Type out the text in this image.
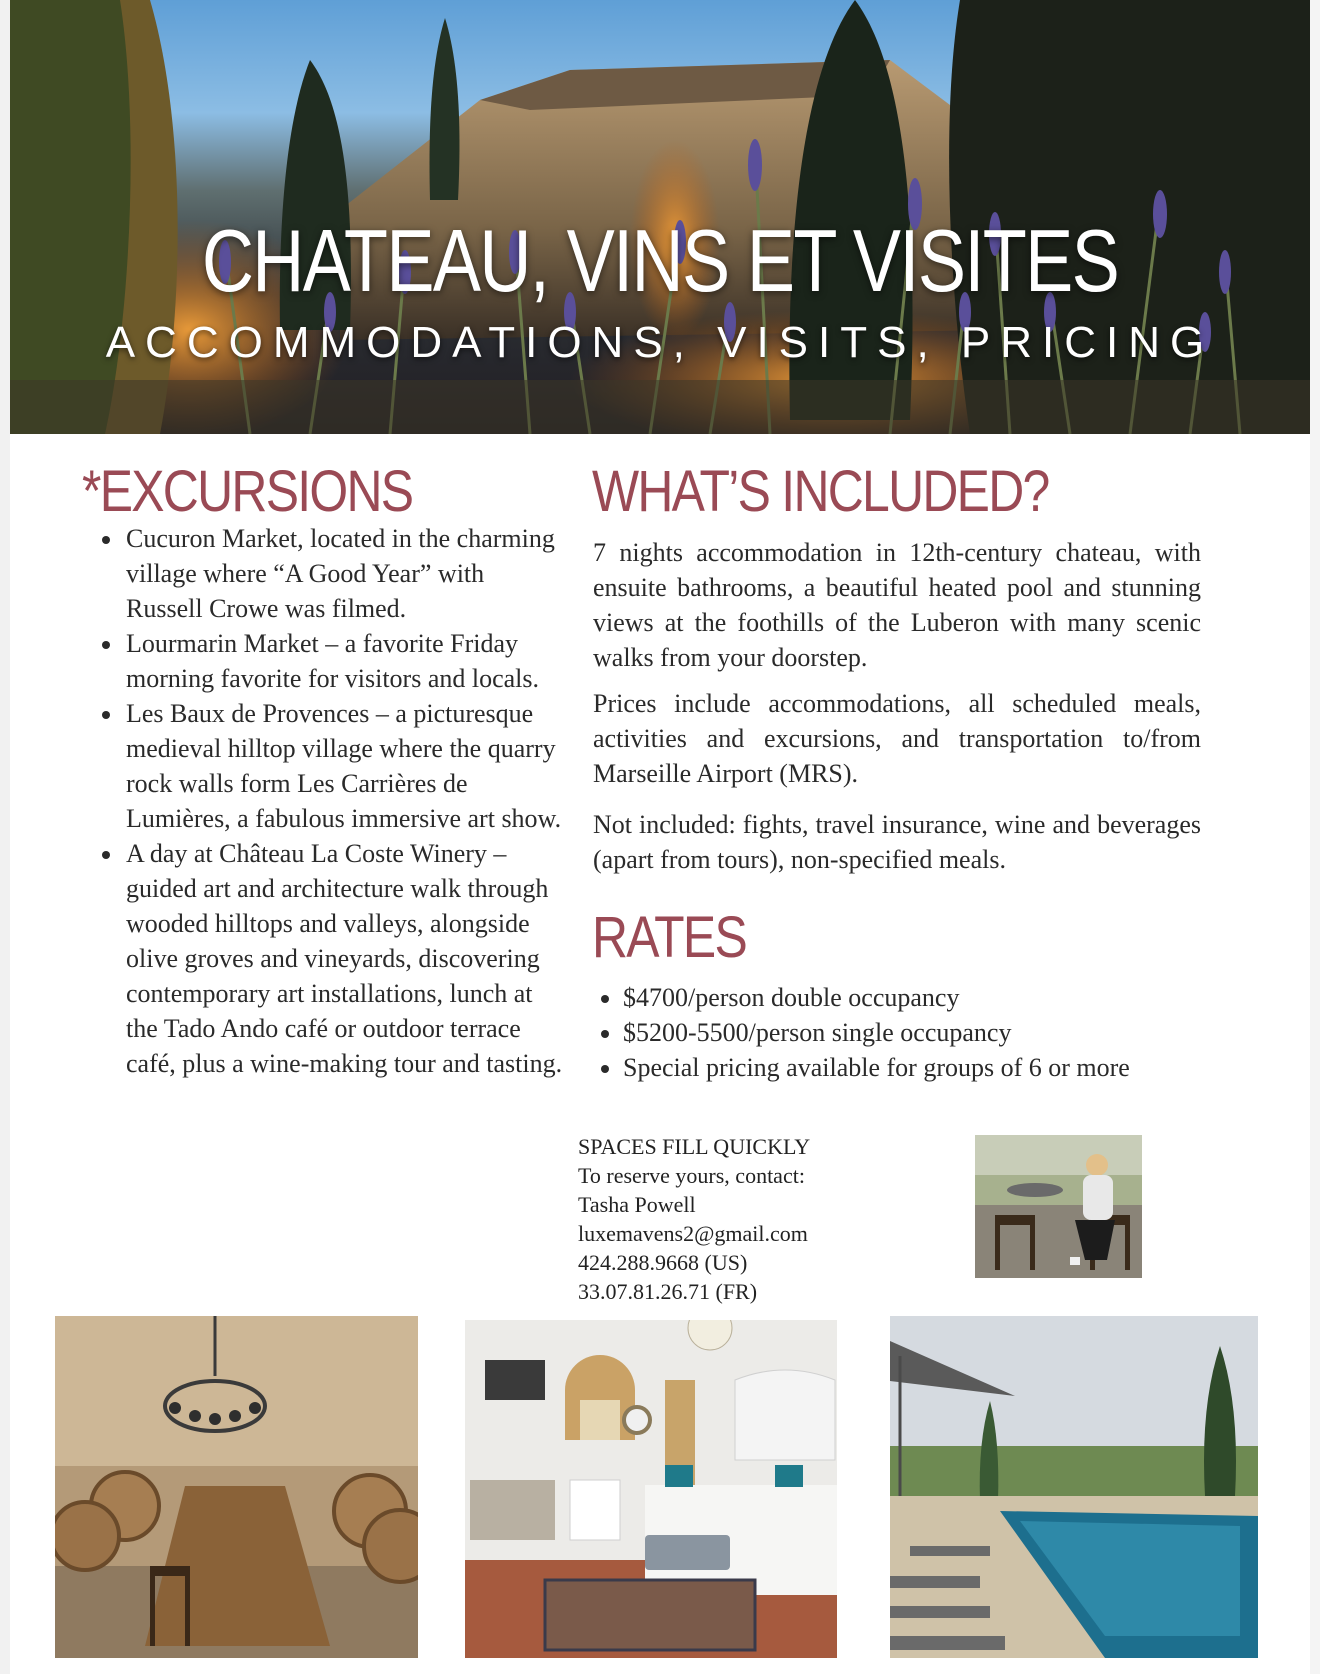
CHATEAU, VINS ET VISITES
ACCOMMODATIONS, VISITS, PRICING
*EXCURSIONS
• Cucuron Market, located in the charming village where “A Good Year” with Russell Crowe was filmed.
• Lourmarin Market – a favorite Friday morning favorite for visitors and locals.
• Les Baux de Provences – a picturesque medieval hilltop village where the quarry rock walls form Les Carrières de Lumières, a fabulous immersive art show.
• A day at Château La Coste Winery – guided art and architecture walk through wooded hilltops and valleys, alongside olive groves and vineyards, discovering contemporary art installations, lunch at the Tado Ando café or outdoor terrace café, plus a wine-making tour and tasting.
WHAT’S INCLUDED?

7 nights accommodation in 12th-century chateau, with ensuite bathrooms, a beautiful heated pool and stunning views at the foothills of the Luberon with many scenic walks from your doorstep.

Prices include accommodations, all scheduled meals, activities and excursions, and transportation to/from Marseille Airport (MRS).

Not included: fights, travel insurance, wine and beverages (apart from tours), non-specified meals.

RATES
• $4700/person double occupancy
• $5200-5500/person single occupancy
• Special pricing available for groups of 6 or more
SPACES FILL QUICKLY
To reserve yours, contact:
Tasha Powell
luxemavens2@gmail.com
424.288.9668 (US)
33.07.81.26.71 (FR)
